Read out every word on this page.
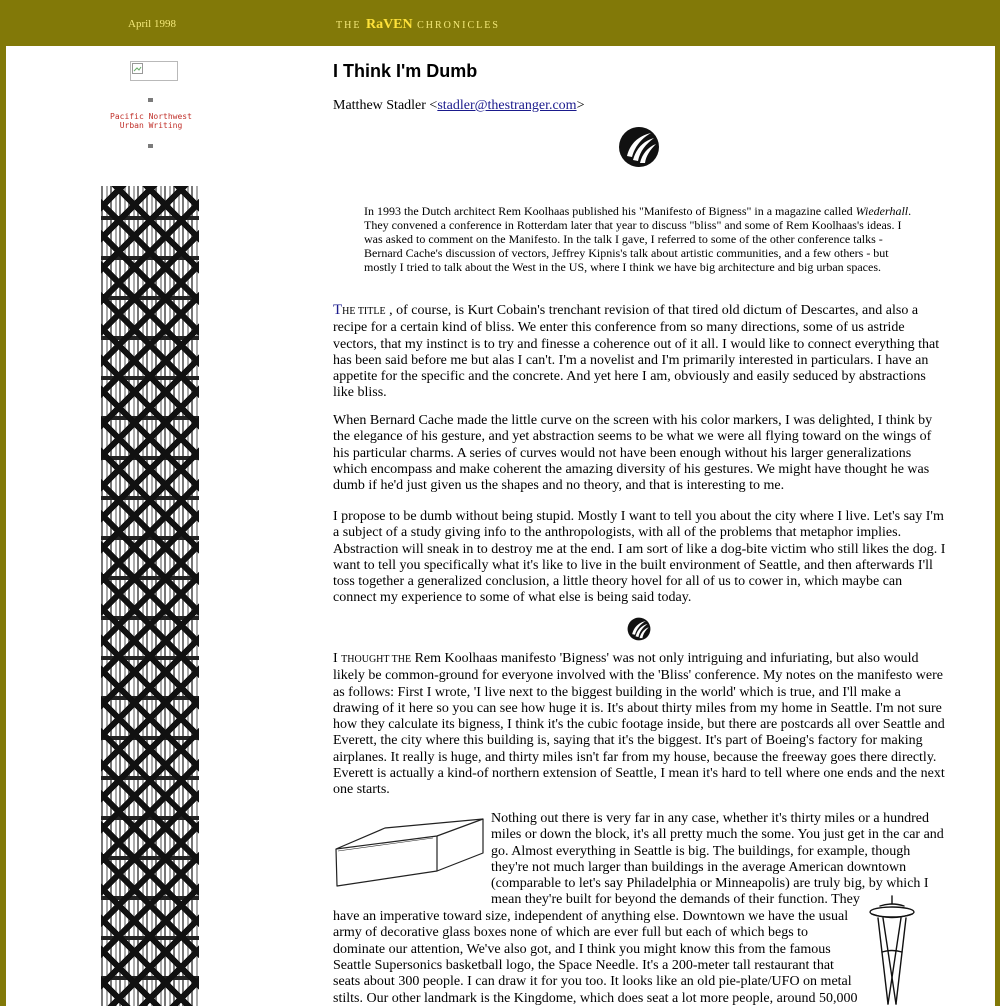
April 1998	THE RaVEN CHRONICLES
Pacific Northwest
Urban Writing
I Think I'm Dumb
Matthew Stadler <stadler@thestranger.com>
In 1993 the Dutch architect Rem Koolhaas published his "Manifesto of Bigness" in a magazine called Wiederhall. They convened a conference in Rotterdam later that year to discuss "bliss" and some of Rem Koolhaas's ideas. I was asked to comment on the Manifesto. In the talk I gave, I referred to some of the other conference talks - Bernard Cache's discussion of vectors, Jeffrey Kipnis's talk about artistic communities, and a few others - but mostly I tried to talk about the West in the US, where I think we have big architecture and big urban spaces.

THE TITLE , of course, is Kurt Cobain's trenchant revision of that tired old dictum of Descartes, and also a recipe for a certain kind of bliss. We enter this conference from so many directions, some of us astride vectors, that my instinct is to try and finesse a coherence out of it all. I would like to connect everything that has been said before me but alas I can't. I'm a novelist and I'm primarily interested in particulars. I have an appetite for the specific and the concrete. And yet here I am, obviously and easily seduced by abstractions like bliss.

When Bernard Cache made the little curve on the screen with his color markers, I was delighted, I think by the elegance of his gesture, and yet abstraction seems to be what we were all flying toward on the wings of his particular charms. A series of curves would not have been enough without his larger generalizations which encompass and make coherent the amazing diversity of his gestures. We might have thought he was dumb if he'd just given us the shapes and no theory, and that is interesting to me.

I propose to be dumb without being stupid. Mostly I want to tell you about the city where I live. Let's say I'm a subject of a study giving info to the anthropologists, with all of the problems that metaphor implies. Abstraction will sneak in to destroy me at the end. I am sort of like a dog-bite victim who still likes the dog. I want to tell you specifically what it's like to live in the built environment of Seattle, and then afterwards I'll toss together a generalized conclusion, a little theory hovel for all of us to cower in, which maybe can connect my experience to some of what else is being said today.

I THOUGHT THE Rem Koolhaas manifesto 'Bigness' was not only intriguing and infuriating, but also would likely be common-ground for everyone involved with the 'Bliss' conference. My notes on the manifesto were as follows: First I wrote, 'I live next to the biggest building in the world' which is true, and I'll make a drawing of it here so you can see how huge it is. It's about thirty miles from my home in Seattle. I'm not sure how they calculate its bigness, I think it's the cubic footage inside, but there are postcards all over Seattle and Everett, the city where this building is, saying that it's the biggest. It's part of Boeing's factory for making airplanes. It really is huge, and thirty miles isn't far from my house, because the freeway goes there directly. Everett is actually a kind-of northern extension of Seattle, I mean it's hard to tell where one ends and the next one starts.

Nothing out there is very far in any case, whether it's thirty miles or a hundred miles or down the block, it's all pretty much the some. You just get in the car and go. Almost everything in Seattle is big. The buildings, for example, though they're not much larger than buildings in the average American downtown (comparable to let's say Philadelphia or Minneapolis) are truly big, by which I mean they're built for beyond the demands of their function. They
have an imperative toward size, independent of anything else. Downtown we have the usual army of decorative glass boxes none of which are ever full but each of which begs to dominate our attention, We've also got, and I think you might know this from the famous
Seattle Supersonics basketball logo, the Space Needle. It's a 200-meter tall restaurant that seats about 300 people. I can draw it for you too. It looks like an old pie-plate/UFO on metal stilts. Our other landmark is the Kingdome, which does seat a lot more people, around 50,000
